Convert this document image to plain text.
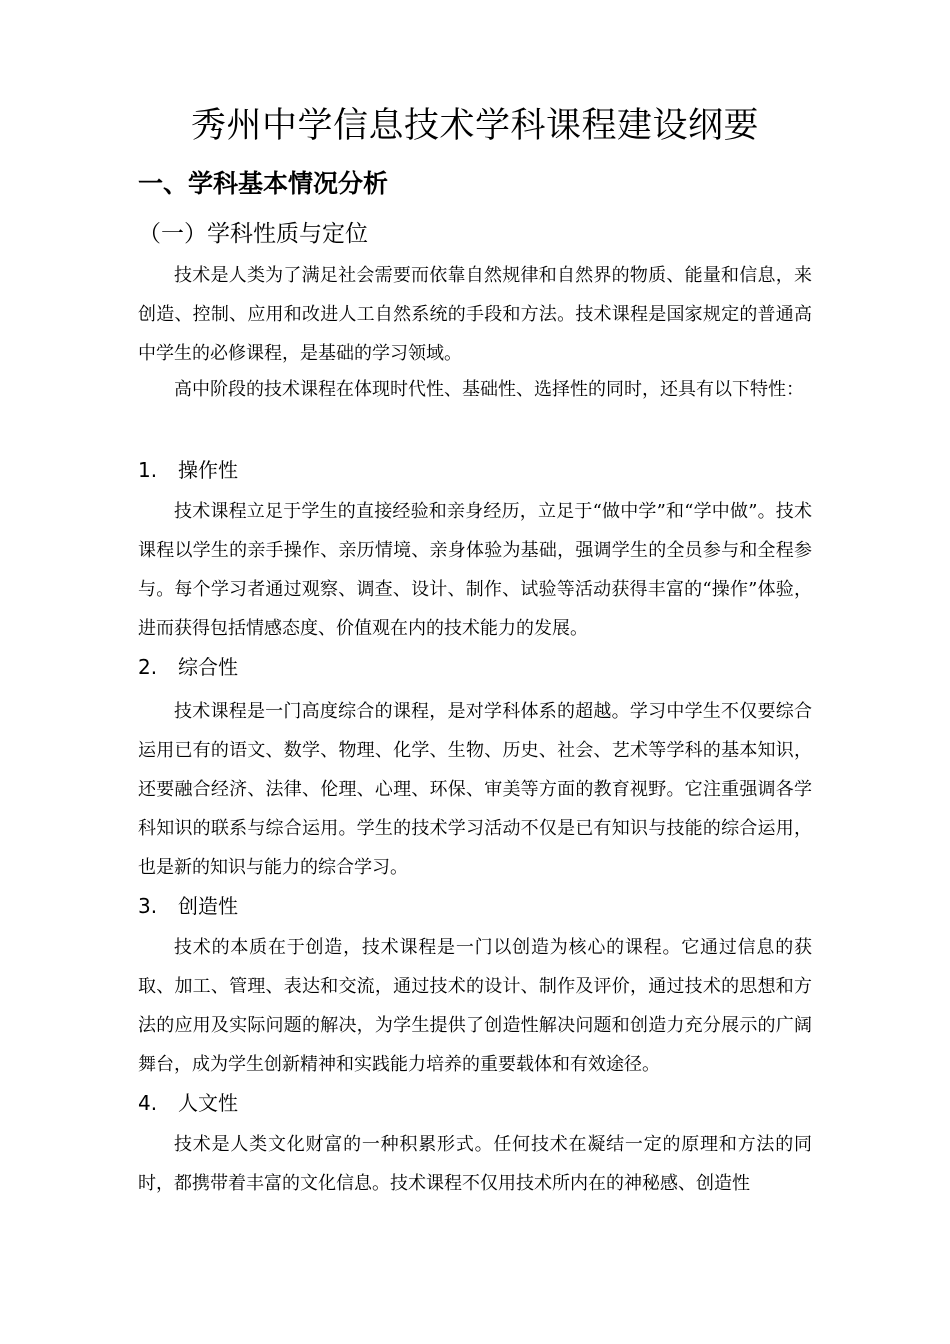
秀州中学信息技术学科课程建设纲要
一、学科基本情况分析
（一）学科性质与定位

技术是人类为了满足社会需要而依靠自然规律和自然界的物质、能量和信息，来创造、控制、应用和改进人工自然系统的手段和方法。技术课程是国家规定的普通高中学生的必修课程，是基础的学习领域。

高中阶段的技术课程在体现时代性、基础性、选择性的同时，还具有以下特性：

1. 操作性

技术课程立足于学生的直接经验和亲身经历，立足于“做中学”和“学中做”。技术课程以学生的亲手操作、亲历情境、亲身体验为基础，强调学生的全员参与和全程参与。每个学习者通过观察、调查、设计、制作、试验等活动获得丰富的“操作”体验，进而获得包括情感态度、价值观在内的技术能力的发展。

2. 综合性

技术课程是一门高度综合的课程，是对学科体系的超越。学习中学生不仅要综合运用已有的语文、数学、物理、化学、生物、历史、社会、艺术等学科的基本知识，还要融合经济、法律、伦理、心理、环保、审美等方面的教育视野。它注重强调各学科知识的联系与综合运用。学生的技术学习活动不仅是已有知识与技能的综合运用，也是新的知识与能力的综合学习。

3. 创造性

技术的本质在于创造，技术课程是一门以创造为核心的课程。它通过信息的获取、加工、管理、表达和交流，通过技术的设计、制作及评价，通过技术的思想和方法的应用及实际问题的解决，为学生提供了创造性解决问题和创造力充分展示的广阔舞台，成为学生创新精神和实践能力培养的重要载体和有效途径。

4. 人文性

技术是人类文化财富的一种积累形式。任何技术在凝结一定的原理和方法的同时，都携带着丰富的文化信息。技术课程不仅用技术所内在的神秘感、创造性
